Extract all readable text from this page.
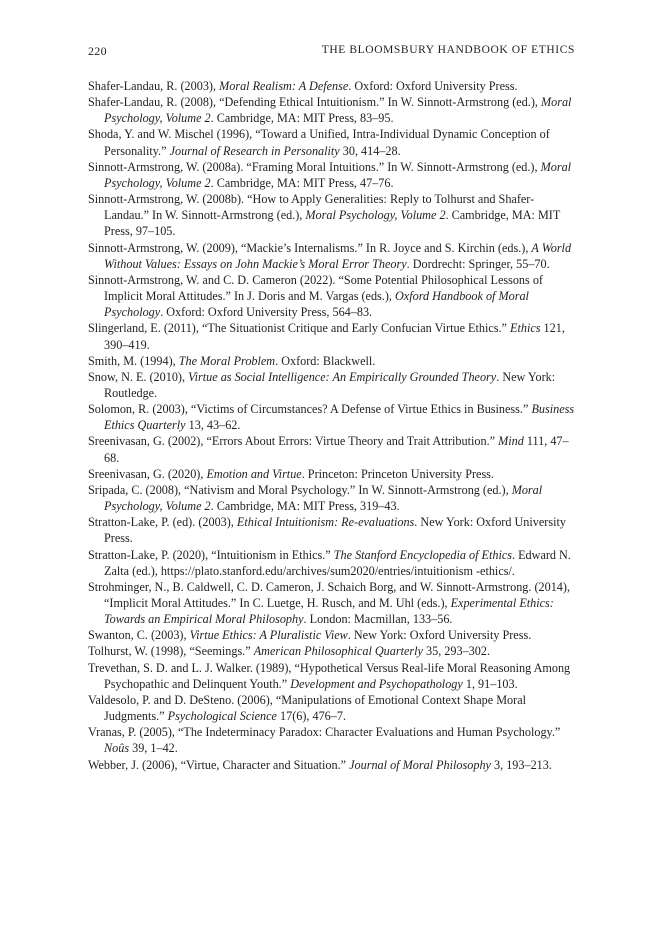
220	THE BLOOMSBURY HANDBOOK OF ETHICS
Shafer-Landau, R. (2003), Moral Realism: A Defense. Oxford: Oxford University Press.
Shafer-Landau, R. (2008), “Defending Ethical Intuitionism.” In W. Sinnott-Armstrong (ed.), Moral Psychology, Volume 2. Cambridge, MA: MIT Press, 83–95.
Shoda, Y. and W. Mischel (1996), “Toward a Unified, Intra-Individual Dynamic Conception of Personality.” Journal of Research in Personality 30, 414–28.
Sinnott-Armstrong, W. (2008a). “Framing Moral Intuitions.” In W. Sinnott-Armstrong (ed.), Moral Psychology, Volume 2. Cambridge, MA: MIT Press, 47–76.
Sinnott-Armstrong, W. (2008b). “How to Apply Generalities: Reply to Tolhurst and Shafer-Landau.” In W. Sinnott-Armstrong (ed.), Moral Psychology, Volume 2. Cambridge, MA: MIT Press, 97–105.
Sinnott-Armstrong, W. (2009), “Mackie’s Internalisms.” In R. Joyce and S. Kirchin (eds.), A World Without Values: Essays on John Mackie’s Moral Error Theory. Dordrecht: Springer, 55–70.
Sinnott-Armstrong, W. and C. D. Cameron (2022). “Some Potential Philosophical Lessons of Implicit Moral Attitudes.” In J. Doris and M. Vargas (eds.), Oxford Handbook of Moral Psychology. Oxford: Oxford University Press, 564–83.
Slingerland, E. (2011), “The Situationist Critique and Early Confucian Virtue Ethics.” Ethics 121, 390–419.
Smith, M. (1994), The Moral Problem. Oxford: Blackwell.
Snow, N. E. (2010), Virtue as Social Intelligence: An Empirically Grounded Theory. New York: Routledge.
Solomon, R. (2003), “Victims of Circumstances? A Defense of Virtue Ethics in Business.” Business Ethics Quarterly 13, 43–62.
Sreenivasan, G. (2002), “Errors About Errors: Virtue Theory and Trait Attribution.” Mind 111, 47–68.
Sreenivasan, G. (2020), Emotion and Virtue. Princeton: Princeton University Press.
Sripada, C. (2008), “Nativism and Moral Psychology.” In W. Sinnott-Armstrong (ed.), Moral Psychology, Volume 2. Cambridge, MA: MIT Press, 319–43.
Stratton-Lake, P. (ed). (2003), Ethical Intuitionism: Re-evaluations. New York: Oxford University Press.
Stratton-Lake, P. (2020), “Intuitionism in Ethics.” The Stanford Encyclopedia of Ethics. Edward N. Zalta (ed.), https://plato.stanford.edu/archives/sum2020/entries/intuitionism -ethics/.
Strohminger, N., B. Caldwell, C. D. Cameron, J. Schaich Borg, and W. Sinnott-Armstrong. (2014), “Implicit Moral Attitudes.” In C. Luetge, H. Rusch, and M. Uhl (eds.), Experimental Ethics: Towards an Empirical Moral Philosophy. London: Macmillan, 133–56.
Swanton, C. (2003), Virtue Ethics: A Pluralistic View. New York: Oxford University Press.
Tolhurst, W. (1998), “Seemings.” American Philosophical Quarterly 35, 293–302.
Trevethan, S. D. and L. J. Walker. (1989), “Hypothetical Versus Real-life Moral Reasoning Among Psychopathic and Delinquent Youth.” Development and Psychopathology 1, 91–103.
Valdesolo, P. and D. DeSteno. (2006), “Manipulations of Emotional Context Shape Moral Judgments.” Psychological Science 17(6), 476–7.
Vranas, P. (2005), “The Indeterminacy Paradox: Character Evaluations and Human Psychology.” Noûs 39, 1–42.
Webber, J. (2006), “Virtue, Character and Situation.” Journal of Moral Philosophy 3, 193–213.
